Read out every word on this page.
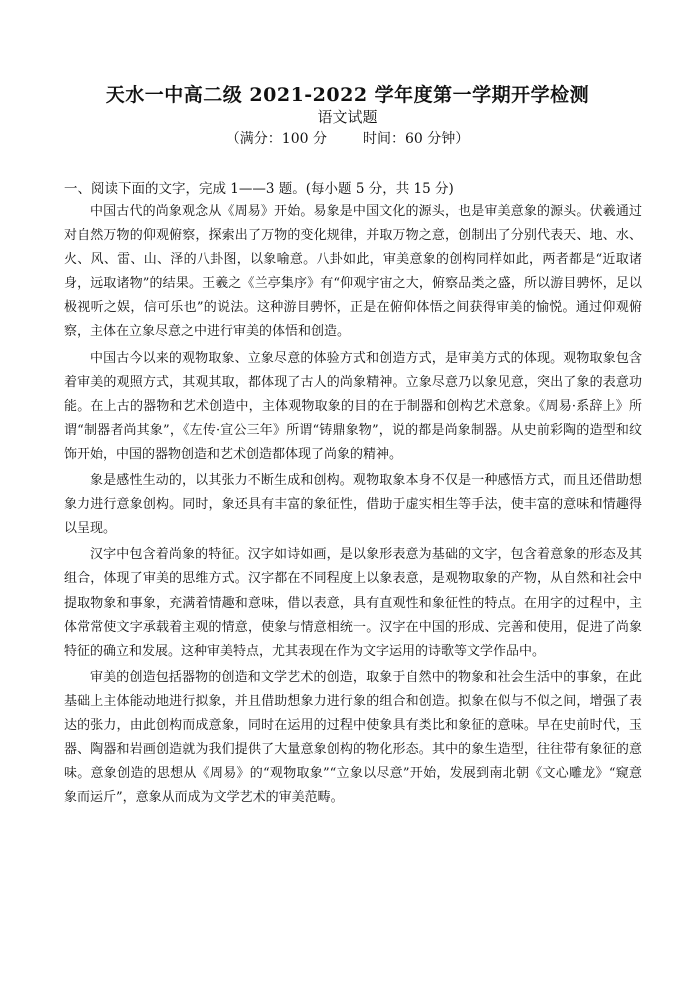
天水一中高二级 2021-2022 学年度第一学期开学检测
语文试题
（满分：100 分	时间：60 分钟）
一、阅读下面的文字，完成 1——3 题。(每小题 5 分，共 15 分)

中国古代的尚象观念从《周易》开始。易象是中国文化的源头，也是审美意象的源头。伏羲通过对自然万物的仰观俯察，探索出了万物的变化规律，并取万物之意，创制出了分别代表天、地、水、火、风、雷、山、泽的八卦图，以象喻意。八卦如此，审美意象的创构同样如此，两者都是“近取诸身，远取诸物”的结果。王羲之《兰亭集序》有“仰观宇宙之大，俯察品类之盛，所以游目骋怀，足以极视听之娱，信可乐也”的说法。这种游目骋怀，正是在俯仰体悟之间获得审美的愉悦。通过仰观俯察，主体在立象尽意之中进行审美的体悟和创造。

中国古今以来的观物取象、立象尽意的体验方式和创造方式，是审美方式的体现。观物取象包含着审美的观照方式，其观其取，都体现了古人的尚象精神。立象尽意乃以象见意，突出了象的表意功能。在上古的器物和艺术创造中，主体观物取象的目的在于制器和创构艺术意象。《周易·系辞上》所谓“制器者尚其象”，《左传·宣公三年》所谓“铸鼎象物”，说的都是尚象制器。从史前彩陶的造型和纹饰开始，中国的器物创造和艺术创造都体现了尚象的精神。

象是感性生动的，以其张力不断生成和创构。观物取象本身不仅是一种感悟方式，而且还借助想象力进行意象创构。同时，象还具有丰富的象征性，借助于虚实相生等手法，使丰富的意味和情趣得以呈现。

汉字中包含着尚象的特征。汉字如诗如画，是以象形表意为基础的文字，包含着意象的形态及其组合，体现了审美的思维方式。汉字都在不同程度上以象表意，是观物取象的产物，从自然和社会中提取物象和事象，充满着情趣和意味，借以表意，具有直观性和象征性的特点。在用字的过程中，主体常常使文字承载着主观的情意，使象与情意相统一。汉字在中国的形成、完善和使用，促进了尚象特征的确立和发展。这种审美特点，尤其表现在作为文字运用的诗歌等文学作品中。

审美的创造包括器物的创造和文学艺术的创造，取象于自然中的物象和社会生活中的事象，在此基础上主体能动地进行拟象，并且借助想象力进行象的组合和创造。拟象在似与不似之间，增强了表达的张力，由此创构而成意象，同时在运用的过程中使象具有类比和象征的意味。早在史前时代，玉器、陶器和岩画创造就为我们提供了大量意象创构的物化形态。其中的象生造型，往往带有象征的意味。意象创造的思想从《周易》的“观物取象”“立象以尽意”开始，发展到南北朝《文心雕龙》“窥意象而运斤”，意象从而成为文学艺术的审美范畴。
